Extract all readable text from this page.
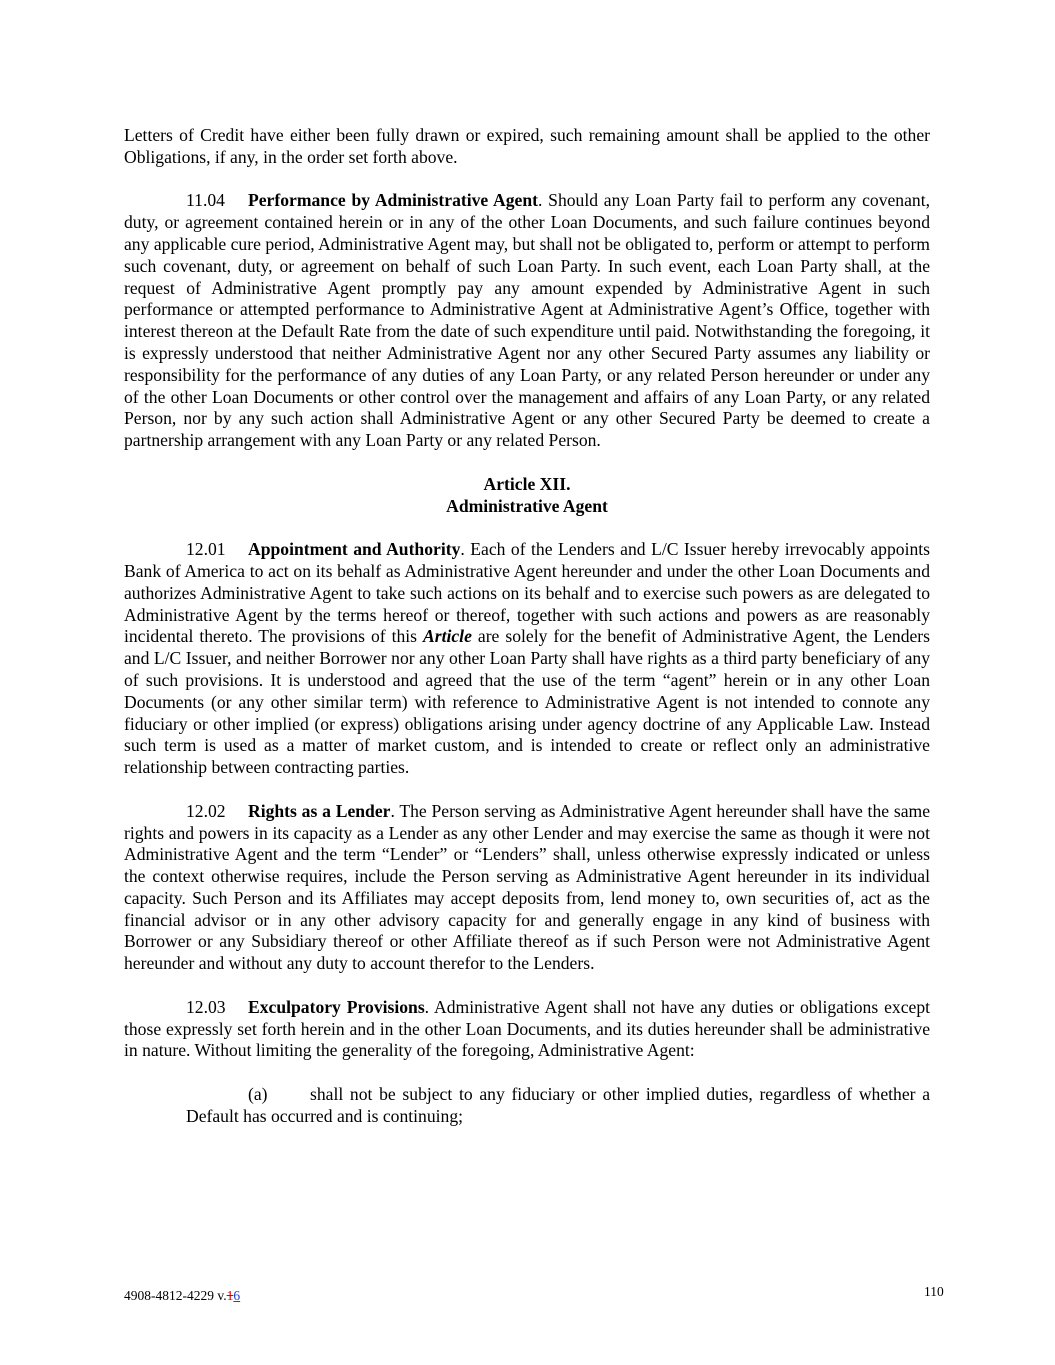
Letters of Credit have either been fully drawn or expired, such remaining amount shall be applied to the other Obligations, if any, in the order set forth above.

11.04 Performance by Administrative Agent. Should any Loan Party fail to perform any covenant, duty, or agreement contained herein or in any of the other Loan Documents, and such failure continues beyond any applicable cure period, Administrative Agent may, but shall not be obligated to, perform or attempt to perform such covenant, duty, or agreement on behalf of such Loan Party. In such event, each Loan Party shall, at the request of Administrative Agent promptly pay any amount expended by Administrative Agent in such performance or attempted performance to Administrative Agent at Administrative Agent’s Office, together with interest thereon at the Default Rate from the date of such expenditure until paid. Notwithstanding the foregoing, it is expressly understood that neither Administrative Agent nor any other Secured Party assumes any liability or responsibility for the performance of any duties of any Loan Party, or any related Person hereunder or under any of the other Loan Documents or other control over the management and affairs of any Loan Party, or any related Person, nor by any such action shall Administrative Agent or any other Secured Party be deemed to create a partnership arrangement with any Loan Party or any related Person.

Article XII.
Administrative Agent

12.01 Appointment and Authority. Each of the Lenders and L/C Issuer hereby irrevocably appoints Bank of America to act on its behalf as Administrative Agent hereunder and under the other Loan Documents and authorizes Administrative Agent to take such actions on its behalf and to exercise such powers as are delegated to Administrative Agent by the terms hereof or thereof, together with such actions and powers as are reasonably incidental thereto. The provisions of this Article are solely for the benefit of Administrative Agent, the Lenders and L/C Issuer, and neither Borrower nor any other Loan Party shall have rights as a third party beneficiary of any of such provisions. It is understood and agreed that the use of the term “agent” herein or in any other Loan Documents (or any other similar term) with reference to Administrative Agent is not intended to connote any fiduciary or other implied (or express) obligations arising under agency doctrine of any Applicable Law. Instead such term is used as a matter of market custom, and is intended to create or reflect only an administrative relationship between contracting parties.

12.02 Rights as a Lender. The Person serving as Administrative Agent hereunder shall have the same rights and powers in its capacity as a Lender as any other Lender and may exercise the same as though it were not Administrative Agent and the term “Lender” or “Lenders” shall, unless otherwise expressly indicated or unless the context otherwise requires, include the Person serving as Administrative Agent hereunder in its individual capacity. Such Person and its Affiliates may accept deposits from, lend money to, own securities of, act as the financial advisor or in any other advisory capacity for and generally engage in any kind of business with Borrower or any Subsidiary thereof or other Affiliate thereof as if such Person were not Administrative Agent hereunder and without any duty to account therefor to the Lenders.

12.03 Exculpatory Provisions. Administrative Agent shall not have any duties or obligations except those expressly set forth herein and in the other Loan Documents, and its duties hereunder shall be administrative in nature. Without limiting the generality of the foregoing, Administrative Agent:

(a) shall not be subject to any fiduciary or other implied duties, regardless of whether a Default has occurred and is continuing;

4908-4812-4229 v.16	110
